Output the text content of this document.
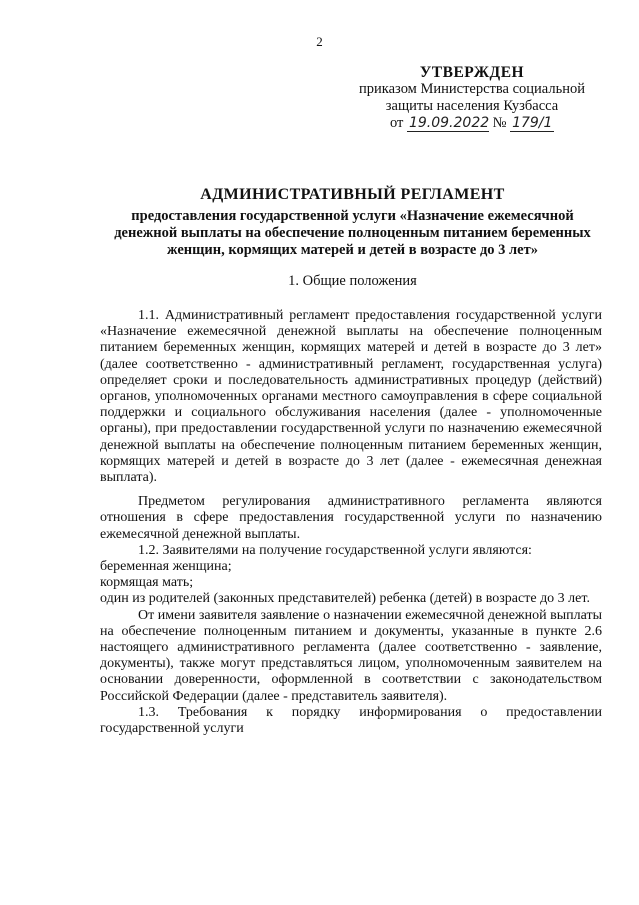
2
УТВЕРЖДЕН
приказом Министерства социальной
защиты населения Кузбасса
от 19.09.2022 № 179/1
АДМИНИСТРАТИВНЫЙ РЕГЛАМЕНТ
предоставления государственной услуги «Назначение ежемесячной денежной выплаты на обеспечение полноценным питанием беременных женщин, кормящих матерей и детей в возрасте до 3 лет»
1. Общие положения

1.1. Административный регламент предоставления государственной услуги «Назначение ежемесячной денежной выплаты на обеспечение полноценным питанием беременных женщин, кормящих матерей и детей в возрасте до 3 лет» (далее соответственно - административный регламент, государственная услуга) определяет сроки и последовательность административных процедур (действий) органов, уполномоченных органами местного самоуправления в сфере социальной поддержки и социального обслуживания населения (далее - уполномоченные органы), при предоставлении государственной услуги по назначению ежемесячной денежной выплаты на обеспечение полноценным питанием беременных женщин, кормящих матерей и детей в возрасте до 3 лет (далее - ежемесячная денежная выплата).

Предметом регулирования административного регламента являются отношения в сфере предоставления государственной услуги по назначению ежемесячной денежной выплаты.

1.2. Заявителями на получение государственной услуги являются:

беременная женщина;

кормящая мать;

один из родителей (законных представителей) ребенка (детей) в возрасте до 3 лет.

От имени заявителя заявление о назначении ежемесячной денежной выплаты на обеспечение полноценным питанием и документы, указанные в пункте 2.6 настоящего административного регламента (далее соответственно - заявление, документы), также могут представляться лицом, уполномоченным заявителем на основании доверенности, оформленной в соответствии с законодательством Российской Федерации (далее - представитель заявителя).

1.3. Требования к порядку информирования о предоставлении государственной услуги
